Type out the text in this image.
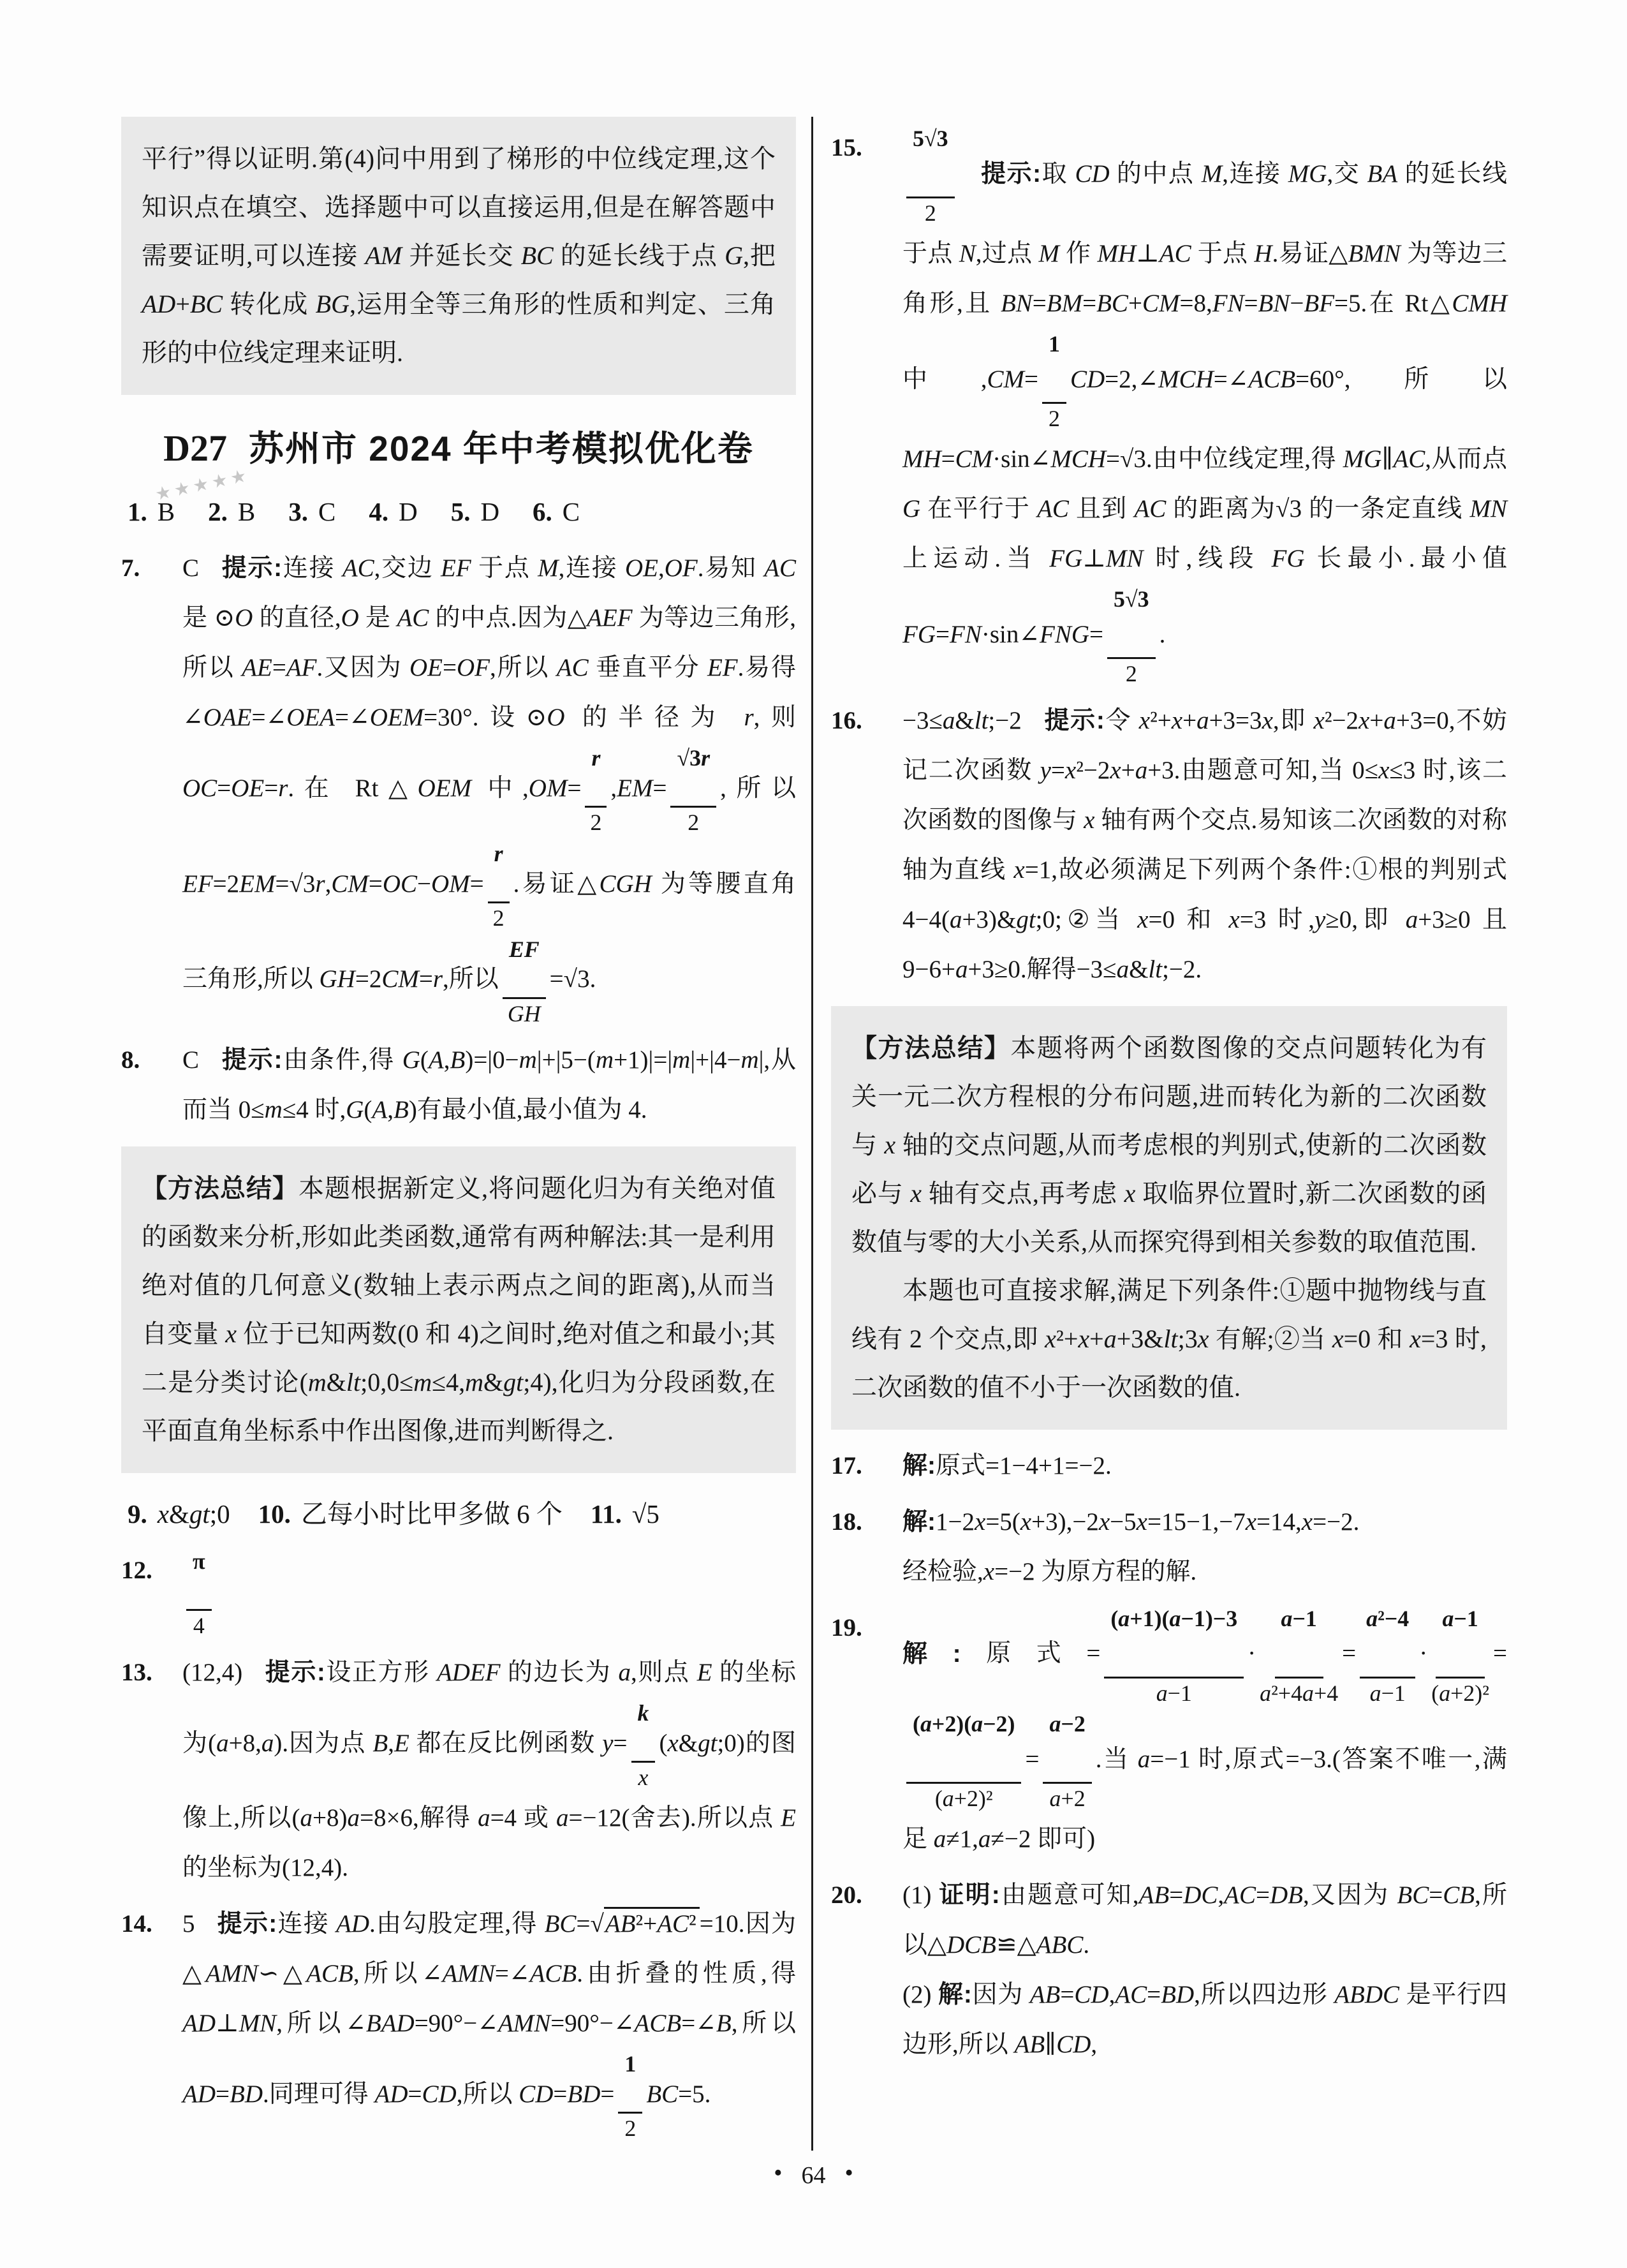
平行”得以证明.第(4)问中用到了梯形的中位线定理,这个知识点在填空、选择题中可以直接运用,但是在解答题中需要证明,可以连接 AM 并延长交 BC 的延长线于点 G,把 AD+BC 转化成 BG,运用全等三角形的性质和判定、三角形的中位线定理来证明.
D27
★★★★★
苏州市 2024 年中考模拟优化卷
1. B 2. B 3. C 4. D 5. D 6. C
7.	C 提示:连接 AC,交边 EF 于点 M,连接 OE,OF.易知 AC 是 ⊙O 的直径,O 是 AC 的中点.因为△AEF 为等边三角形,所以 AE=AF.又因为 OE=OF,所以 AC 垂直平分 EF.易得∠OAE=∠OEA=∠OEM=30°.设⊙O 的半径为 r,则 OC=OE=r.在 Rt△OEM 中$,OM= \frac{r}{2} ,EM= \frac{√3r}{2}$ ,所以 $EF=2EM=√3r,CM=OC-OM= \frac{r}{2}$ .易证△CGH 为等腰直角三角形,所以 GH=2CM=r,所以 $\frac{EF}{GH} =√3$.
8.	C 提示:由条件,得 G(A,B)=|0−m|+|5−(m+1)|=|m|+|4−m|,从而当 0≤m≤4 时,G(A,B)有最小值,最小值为 4.
【方法总结】本题根据新定义,将问题化归为有关绝对值的函数来分析,形如此类函数,通常有两种解法:其一是利用绝对值的几何意义(数轴上表示两点之间的距离),从而当自变量 x 位于已知两数(0 和 4)之间时,绝对值之和最小;其二是分类讨论(m&lt;0,0≤m≤4,m&gt;4),化归为分段函数,在平面直角坐标系中作出图像,进而判断得之.
9. x&gt;0 10. 乙每小时比甲多做 6 个 11. √5
12.	$\frac{\pi}{4}$
13.	(12,4) 提示:设正方形 ADEF 的边长为 a,则点 E 的坐标为(a+8,a).因为点 B,E 都在反比例函数 $y= \frac{k}{x}$ (x&gt;0)的图像上,所以(a+8)a=8×6,解得 a=4 或 a=−12(舍去).所以点 E 的坐标为(12,4).
14.	5 提示:连接 AD.由勾股定理,得 BC=√AB²+AC² =10.因为△AMN∽△ACB,所以∠AMN=∠ACB.由折叠的性质,得 AD⊥MN,所以∠BAD=90°−∠AMN=90°−∠ACB=∠B,所以 AD=BD.同理可得 AD=CD,所以 $CD=BD= \frac{1}{2} BC=5$.
15.	$\frac{5√3}{2}$ 提示:取 CD 的中点 M,连接 MG,交 BA 的延长线于点 N,过点 M 作 MH⊥AC 于点 H.易证△BMN 为等边三角形,且 BN=BM=BC+CM=8,FN=BN−BF=5.在 Rt△CMH 中$,CM= \frac{1}{2}$ CD=2,∠MCH=∠ACB=60°,所以 MH=CM·sin∠MCH=√3.由中位线定理,得 MG∥AC,从而点 G 在平行于 AC 且到 AC 的距离为√3 的一条定直线 MN 上运动.当 FG⊥MN 时,线段 FG 长最小.最小值 FG=FN·sin∠FNG= $\frac{5√3}{2}$ .
16.	−3≤a&lt;−2 提示:令 x²+x+a+3=3x,即 x²−2x+a+3=0,不妨记二次函数 y=x²−2x+a+3.由题意可知,当 0≤x≤3 时,该二次函数的图像与 x 轴有两个交点.易知该二次函数的对称轴为直线 x=1,故必须满足下列两个条件:①根的判别式 4−4(a+3)&gt;0;②当 x=0 和 x=3 时,y≥0,即 a+3≥0 且 9−6+a+3≥0.解得−3≤a&lt;−2.

【方法总结】本题将两个函数图像的交点问题转化为有关一元二次方程根的分布问题,进而转化为新的二次函数与 x 轴的交点问题,从而考虑根的判别式,使新的二次函数必与 x 轴有交点,再考虑 x 取临界位置时,新二次函数的函数值与零的大小关系,从而探究得到相关参数的取值范围.

本题也可直接求解,满足下列条件:①题中抛物线与直线有 2 个交点,即 x²+x+a+3&lt;3x 有解;②当 x=0 和 x=3 时,二次函数的值不小于一次函数的值.

17.	解:原式=1−4+1=−2.
18.	解:1−2x=5(x+3),−2x−5x=15−1,−7x=14,x=−2.

经检验,x=−2 为原方程的解.

19.
解:原式= $\frac{(a+1)(a-1)-3}{a-1} \cdot \frac{a-1}{\text{a²+4a+4}} = \frac{\text{a²−4}}{a-1} \cdot \frac{a-1}{\text{(a+2)²}}$ =
$\frac{(a+2)(a-2)}{\text{(a+2)²}} = \frac{a-2}{a+2}$ .当 a=−1 时,原式=−3.(答案不唯一,满足 a≠1,a≠−2 即可)
20.	(1) 证明:由题意可知,AB=DC,AC=DB,又因为 BC=CB,所以△DCB≌△ABC.

(2) 解:因为 AB=CD,AC=BD,所以四边形 ABDC 是平行四边形,所以 AB∥CD,

• 64 •
